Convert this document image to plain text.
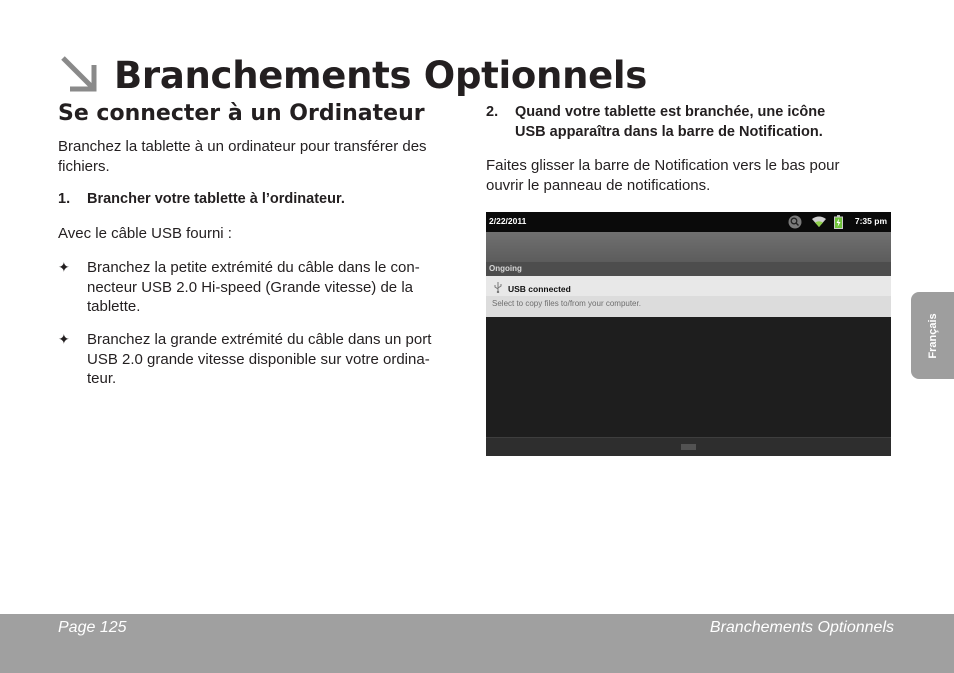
Branchements Optionnels
Se connecter à un Ordinateur
Branchez la tablette à un ordinateur pour transférer des
fichiers.
1. Brancher votre tablette à l’ordinateur.
Avec le câble USB fourni :
✦ Branchez la petite extrémité du câble dans le con-
necteur USB 2.0 Hi-speed (Grande vitesse) de la
tablette.
✦ Branchez la grande extrémité du câble dans un port
USB 2.0 grande vitesse disponible sur votre ordina-
teur.
2. Quand votre tablette est branchée, une icône
USB apparaîtra dans la barre de Notification.
Faites glisser la barre de Notification vers le bas pour
ouvrir le panneau de notifications.
2/22/2011	7:35 pm
Ongoing
USB connected
Select to copy files to/from your computer.
Français
Page 125	Branchements Optionnels
